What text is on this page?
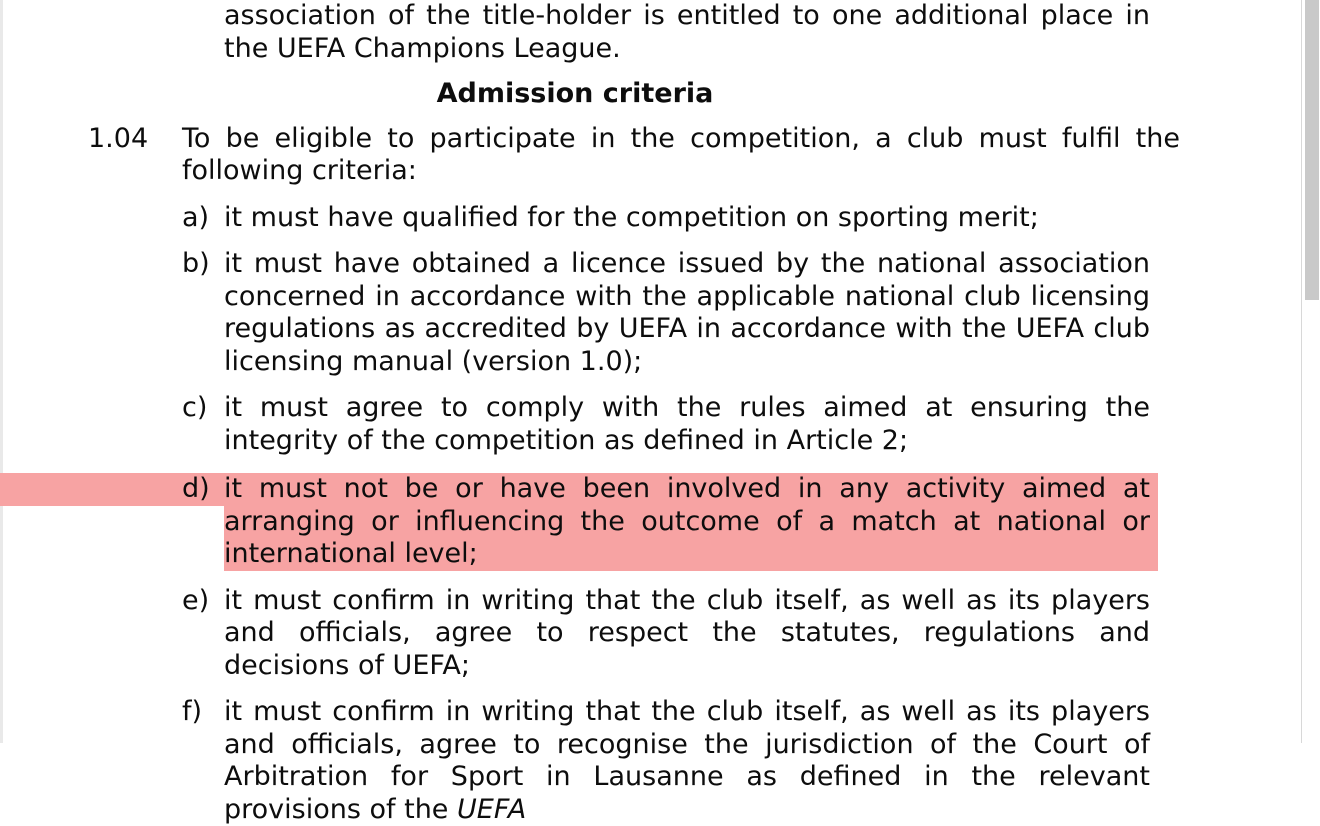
association of the title-holder is entitled to one additional place in the UEFA Champions League.
Admission criteria
1.04	To be eligible to participate in the competition, a club must fulfil the following criteria:
a) it must have qualified for the competition on sporting merit;
b) it must have obtained a licence issued by the national association concerned in accordance with the applicable national club licensing regulations as accredited by UEFA in accordance with the UEFA club licensing manual (version 1.0);
c) it must agree to comply with the rules aimed at ensuring the integrity of the competition as defined in Article 2;
d) it must not be or have been involved in any activity aimed at arranging or influencing the outcome of a match at national or international level;
e) it must confirm in writing that the club itself, as well as its players and officials, agree to respect the statutes, regulations and decisions of UEFA;
f) it must confirm in writing that the club itself, as well as its players and officials, agree to recognise the jurisdiction of the Court of Arbitration for Sport in Lausanne as defined in the relevant provisions of the UEFA
